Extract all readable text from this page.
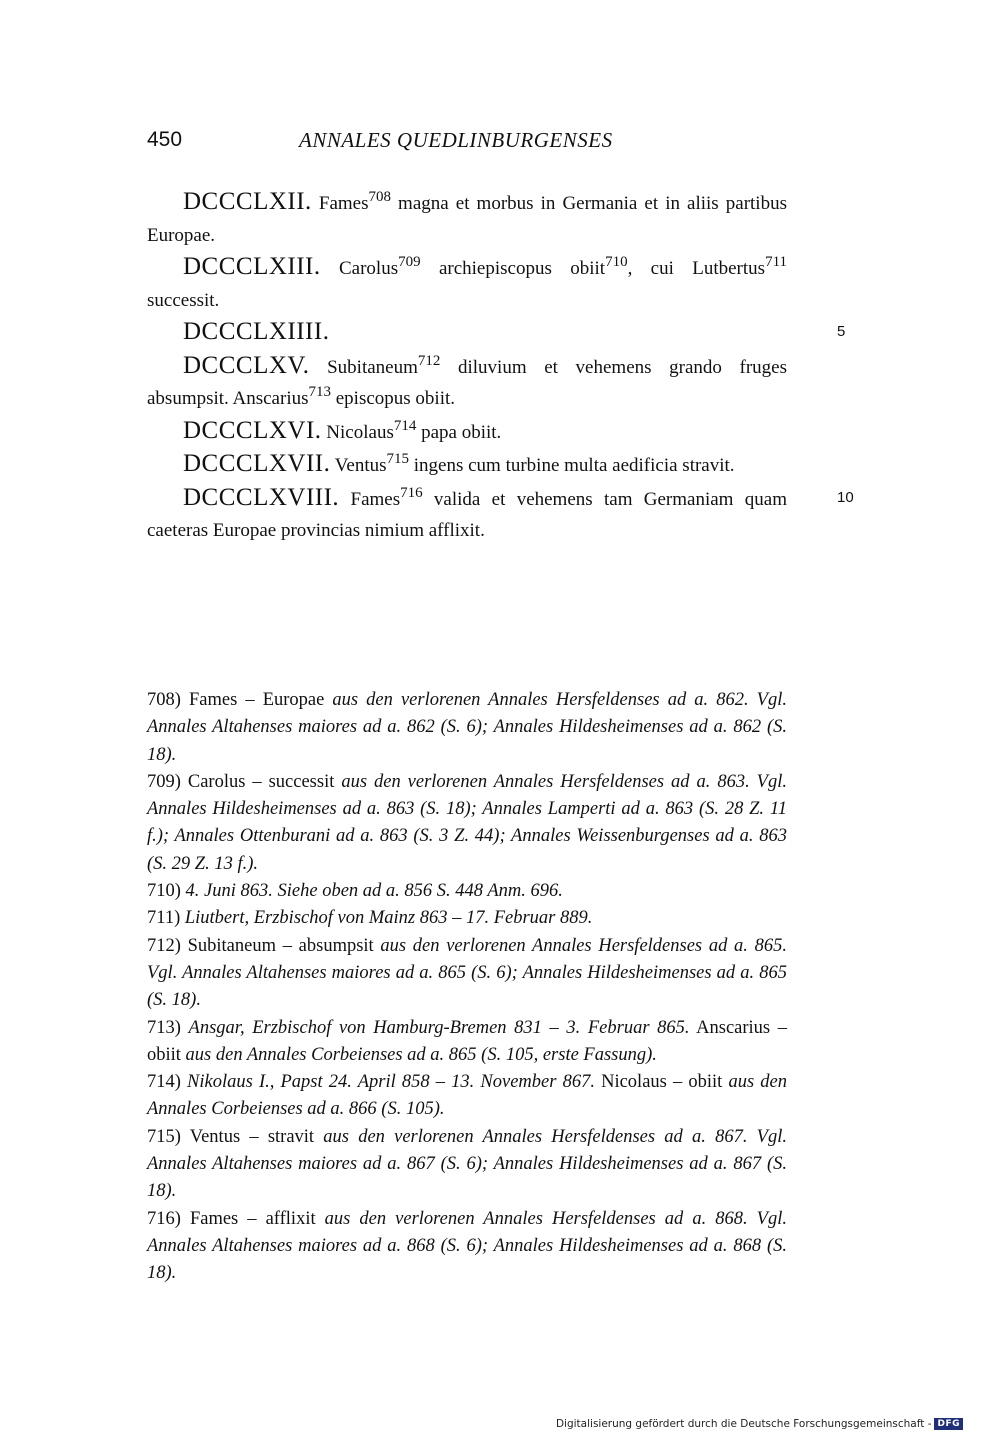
450	ANNALES QUEDLINBURGENSES

DCCCLXII. Fames$^{708}$ magna et morbus in Germania et in aliis partibus Europae.

DCCCLXIII. Carolus$^{709}$ archiepiscopus obiit$^{710}$, cui Lutbertus$^{711}$ successit.

DCCCLXIIII.	5

DCCCLXV. Subitaneum$^{712}$ diluvium et vehemens grando fruges absumpsit. Anscarius$^{713}$ episcopus obiit.

DCCCLXVI. Nicolaus$^{714}$ papa obiit.

DCCCLXVII. Ventus$^{715}$ ingens cum turbine multa aedificia stravit.

DCCCLXVIII. Fames$^{716}$ valida et vehemens tam Germaniam quam caeteras Europae provincias nimium afflixit.
10

708) Fames – Europae aus den verlorenen Annales Hersfeldenses ad a. 862. Vgl. Annales Altahenses maiores ad a. 862 (S. 6); Annales Hildesheimenses ad a. 862 (S. 18).

709) Carolus – successit aus den verlorenen Annales Hersfeldenses ad a. 863. Vgl. Annales Hildesheimenses ad a. 863 (S. 18); Annales Lamperti ad a. 863 (S. 28 Z. 11 f.); Annales Ottenburani ad a. 863 (S. 3 Z. 44); Annales Weissenburgenses ad a. 863 (S. 29 Z. 13 f.).

710) 4. Juni 863. Siehe oben ad a. 856 S. 448 Anm. 696.

711) Liutbert, Erzbischof von Mainz 863 – 17. Februar 889.

712) Subitaneum – absumpsit aus den verlorenen Annales Hersfeldenses ad a. 865. Vgl. Annales Altahenses maiores ad a. 865 (S. 6); Annales Hildesheimenses ad a. 865 (S. 18).

713) Ansgar, Erzbischof von Hamburg-Bremen 831 – 3. Februar 865. Anscarius – obiit aus den Annales Corbeienses ad a. 865 (S. 105, erste Fassung).

714) Nikolaus I., Papst 24. April 858 – 13. November 867. Nicolaus – obiit aus den Annales Corbeienses ad a. 866 (S. 105).

715) Ventus – stravit aus den verlorenen Annales Hersfeldenses ad a. 867. Vgl. Annales Altahenses maiores ad a. 867 (S. 6); Annales Hildesheimenses ad a. 867 (S. 18).

716) Fames – afflixit aus den verlorenen Annales Hersfeldenses ad a. 868. Vgl. Annales Altahenses maiores ad a. 868 (S. 6); Annales Hildesheimenses ad a. 868 (S. 18).

Digitalisierung gefördert durch die Deutsche Forschungsgemeinschaft - DFG
